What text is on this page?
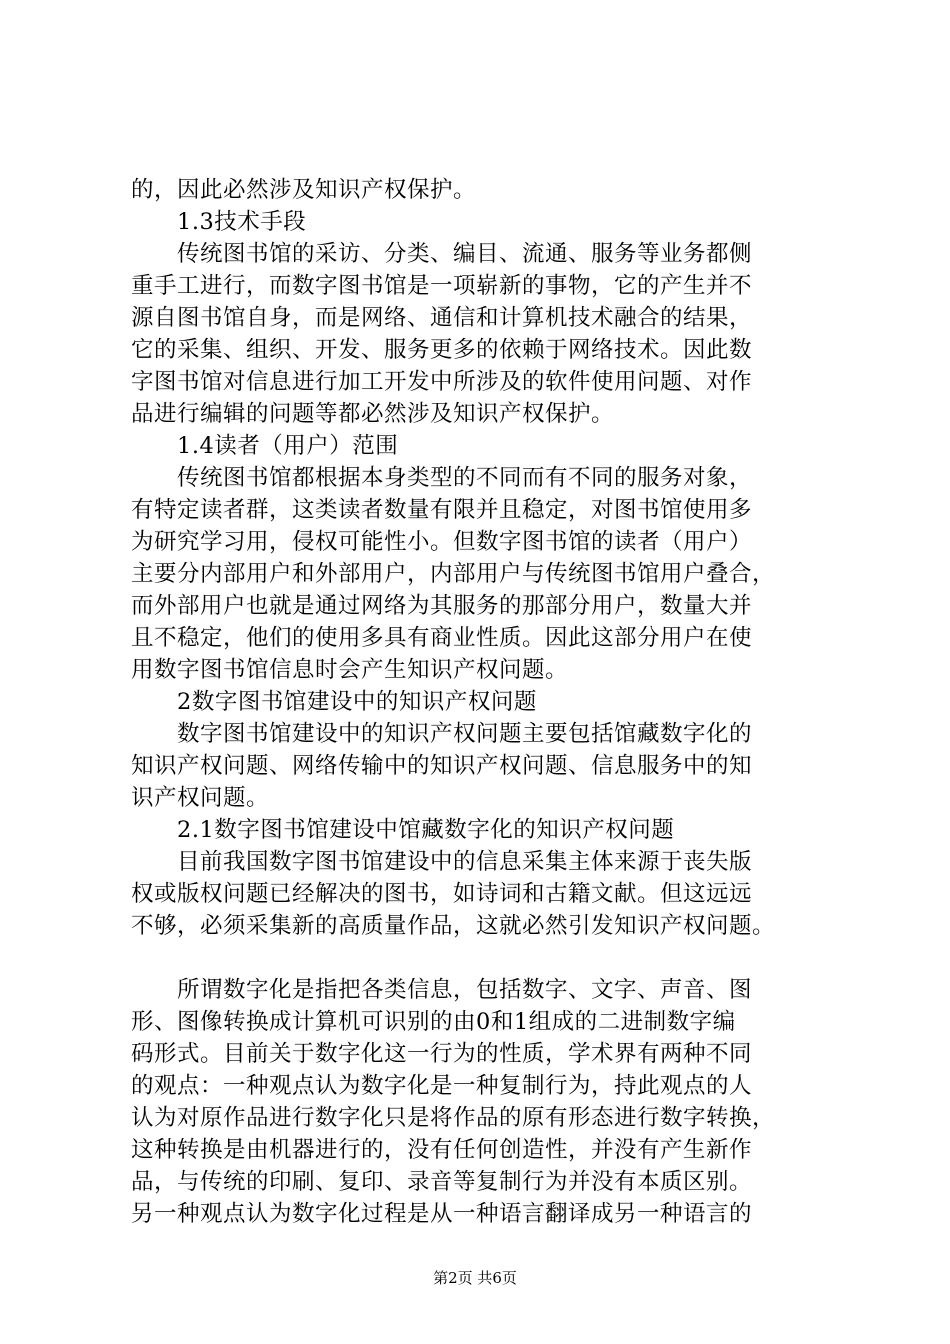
的，因此必然涉及知识产权保护。

　　1.3技术手段

　　传统图书馆的采访、分类、编目、流通、服务等业务都侧

重手工进行，而数字图书馆是一项崭新的事物，它的产生并不

源自图书馆自身，而是网络、通信和计算机技术融合的结果，

它的采集、组织、开发、服务更多的依赖于网络技术。因此数

字图书馆对信息进行加工开发中所涉及的软件使用问题、对作

品进行编辑的问题等都必然涉及知识产权保护。

　　1.4读者（用户）范围

　　传统图书馆都根据本身类型的不同而有不同的服务对象，

有特定读者群，这类读者数量有限并且稳定，对图书馆使用多

为研究学习用，侵权可能性小。但数字图书馆的读者（用户）

主要分内部用户和外部用户，内部用户与传统图书馆用户叠合，

而外部用户也就是通过网络为其服务的那部分用户，数量大并

且不稳定，他们的使用多具有商业性质。因此这部分用户在使

用数字图书馆信息时会产生知识产权问题。

　　2数字图书馆建设中的知识产权问题

　　数字图书馆建设中的知识产权问题主要包括馆藏数字化的

知识产权问题、网络传输中的知识产权问题、信息服务中的知

识产权问题。

　　2.1数字图书馆建设中馆藏数字化的知识产权问题

　　目前我国数字图书馆建设中的信息采集主体来源于丧失版

权或版权问题已经解决的图书，如诗词和古籍文献。但这远远

不够，必须采集新的高质量作品，这就必然引发知识产权问题。

　　所谓数字化是指把各类信息，包括数字、文字、声音、图

形、图像转换成计算机可识别的由0和1组成的二进制数字编

码形式。目前关于数字化这一行为的性质，学术界有两种不同

的观点：一种观点认为数字化是一种复制行为，持此观点的人

认为对原作品进行数字化只是将作品的原有形态进行数字转换，

这种转换是由机器进行的，没有任何创造性，并没有产生新作

品，与传统的印刷、复印、录音等复制行为并没有本质区别。

另一种观点认为数字化过程是从一种语言翻译成另一种语言的

第2页 共6页
